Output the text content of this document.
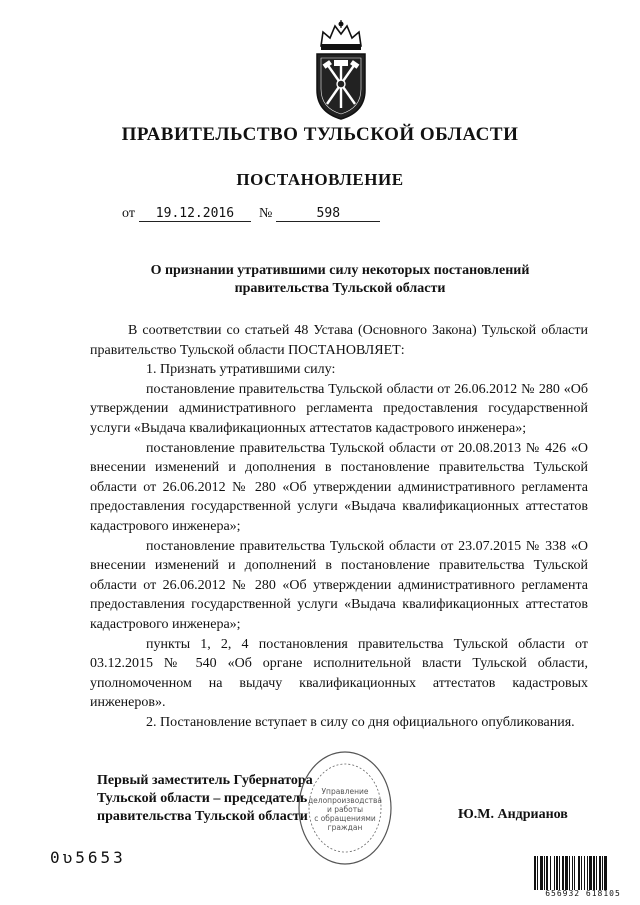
ПРАВИТЕЛЬСТВО ТУЛЬСКОЙ ОБЛАСТИ
ПОСТАНОВЛЕНИЕ
от 19.12.2016 №	598
О признании утратившими силу некоторых постановлений
правительства Тульской области

В соответствии со статьей 48 Устава (Основного Закона) Тульской области правительство Тульской области ПОСТАНОВЛЯЕТ:

1. Признать утратившими силу:

постановление правительства Тульской области от 26.06.2012 № 280 «Об утверждении административного регламента предоставления государственной услуги «Выдача квалификационных аттестатов кадастрового инженера»;

постановление правительства Тульской области от 20.08.2013 № 426 «О внесении изменений и дополнения в постановление правительства Тульской области от 26.06.2012 № 280 «Об утверждении административного регламента предоставления государственной услуги «Выдача квалификационных аттестатов кадастрового инженера»;

постановление правительства Тульской области от 23.07.2015 № 338 «О внесении изменений и дополнений в постановление правительства Тульской области от 26.06.2012 № 280 «Об утверждении административного регламента предоставления государственной услуги «Выдача квалификационных аттестатов кадастрового инженера»;

пункты 1, 2, 4 постановления правительства Тульской области от 03.12.2015 № 540 «Об органе исполнительной власти Тульской области, уполномоченном на выдачу квалификационных аттестатов кадастровых инженеров».

2. Постановление вступает в силу со дня официального опубликования.

Первый заместитель Губернатора
Тульской области – председатель
правительства Тульской области	Ю.М. Андрианов
Управление
делопроизводства
и работы
с обращениями
граждан
0ʋ5653
656932 618105
